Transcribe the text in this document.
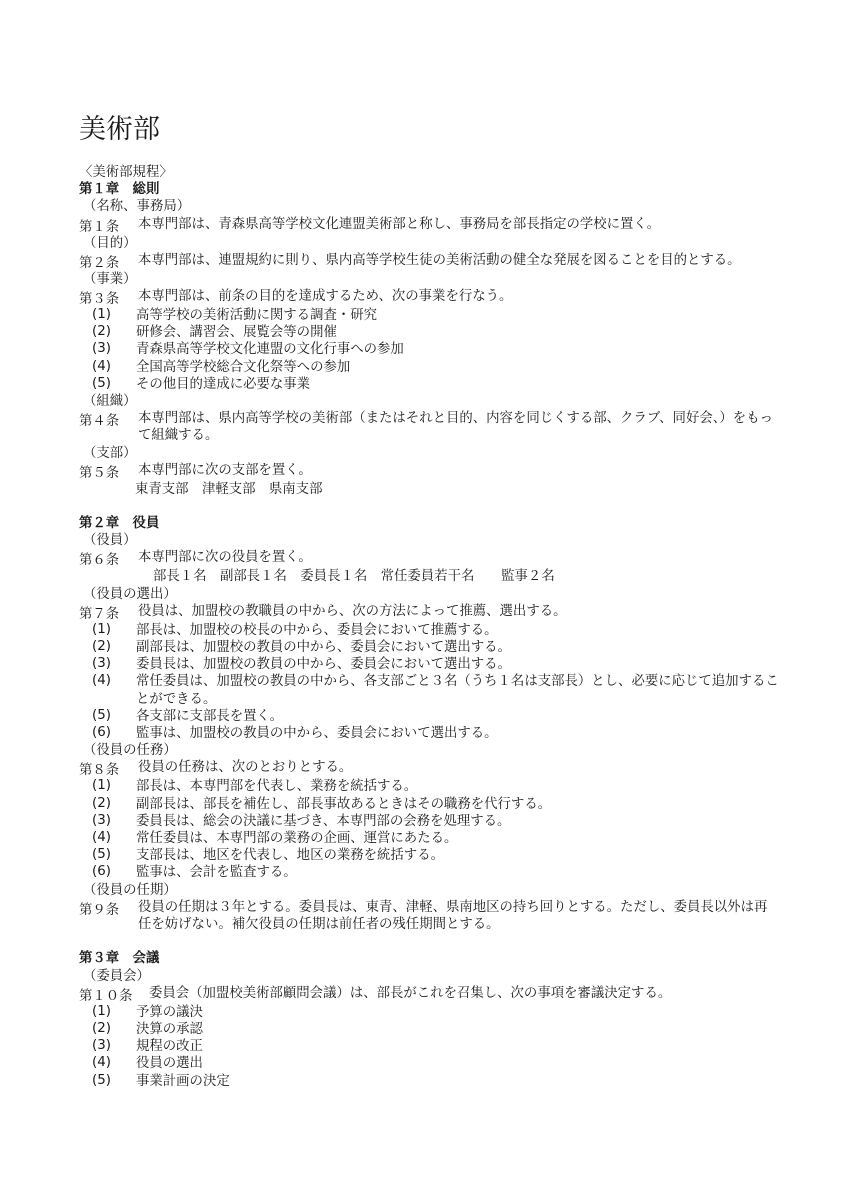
美術部
〈美術部規程〉
第１章　総則
（名称、事務局）
第１条	本専門部は、青森県高等学校文化連盟美術部と称し、事務局を部長指定の学校に置く。
（目的）
第２条	本専門部は、連盟規約に則り、県内高等学校生徒の美術活動の健全な発展を図ることを目的とする。
（事業）
第３条	本専門部は、前条の目的を達成するため、次の事業を行なう。
(1)	高等学校の美術活動に関する調査・研究
(2)	研修会、講習会、展覧会等の開催
(3)	青森県高等学校文化連盟の文化行事への参加
(4)	全国高等学校総合文化祭等への参加
(5)	その他目的達成に必要な事業
（組織）
第４条	本専門部は、県内高等学校の美術部（またはそれと目的、内容を同じくする部、クラブ、同好会、）をもって組織する。
（支部）
第５条	本専門部に次の支部を置く。
東青支部　津軽支部　県南支部
第２章　役員
（役員）
第６条	本専門部に次の役員を置く。
部長１名　副部長１名　委員長１名　常任委員若干名　　監事２名
（役員の選出）
第７条	役員は、加盟校の教職員の中から、次の方法によって推薦、選出する。
(1)	部長は、加盟校の校長の中から、委員会において推薦する。
(2)	副部長は、加盟校の教員の中から、委員会において選出する。
(3)	委員長は、加盟校の教員の中から、委員会において選出する。
(4)	常任委員は、加盟校の教員の中から、各支部ごと３名（うち１名は支部長）とし、必要に応じて追加することができる。
(5)	各支部に支部長を置く。
(6)	監事は、加盟校の教員の中から、委員会において選出する。
（役員の任務）
第８条	役員の任務は、次のとおりとする。
(1)	部長は、本専門部を代表し、業務を統括する。
(2)	副部長は、部長を補佐し、部長事故あるときはその職務を代行する。
(3)	委員長は、総会の決議に基づき、本専門部の会務を処理する。
(4)	常任委員は、本専門部の業務の企画、運営にあたる。
(5)	支部長は、地区を代表し、地区の業務を統括する。
(6)	監事は、会計を監査する。
（役員の任期）
第９条	役員の任期は３年とする。委員長は、東青、津軽、県南地区の持ち回りとする。ただし、委員長以外は再任を妨げない。補欠役員の任期は前任者の残任期間とする。
第３章　会議
（委員会）
第１０条	委員会（加盟校美術部顧問会議）は、部長がこれを召集し、次の事項を審議決定する。
(1)	予算の議決
(2)	決算の承認
(3)	規程の改正
(4)	役員の選出
(5)	事業計画の決定
